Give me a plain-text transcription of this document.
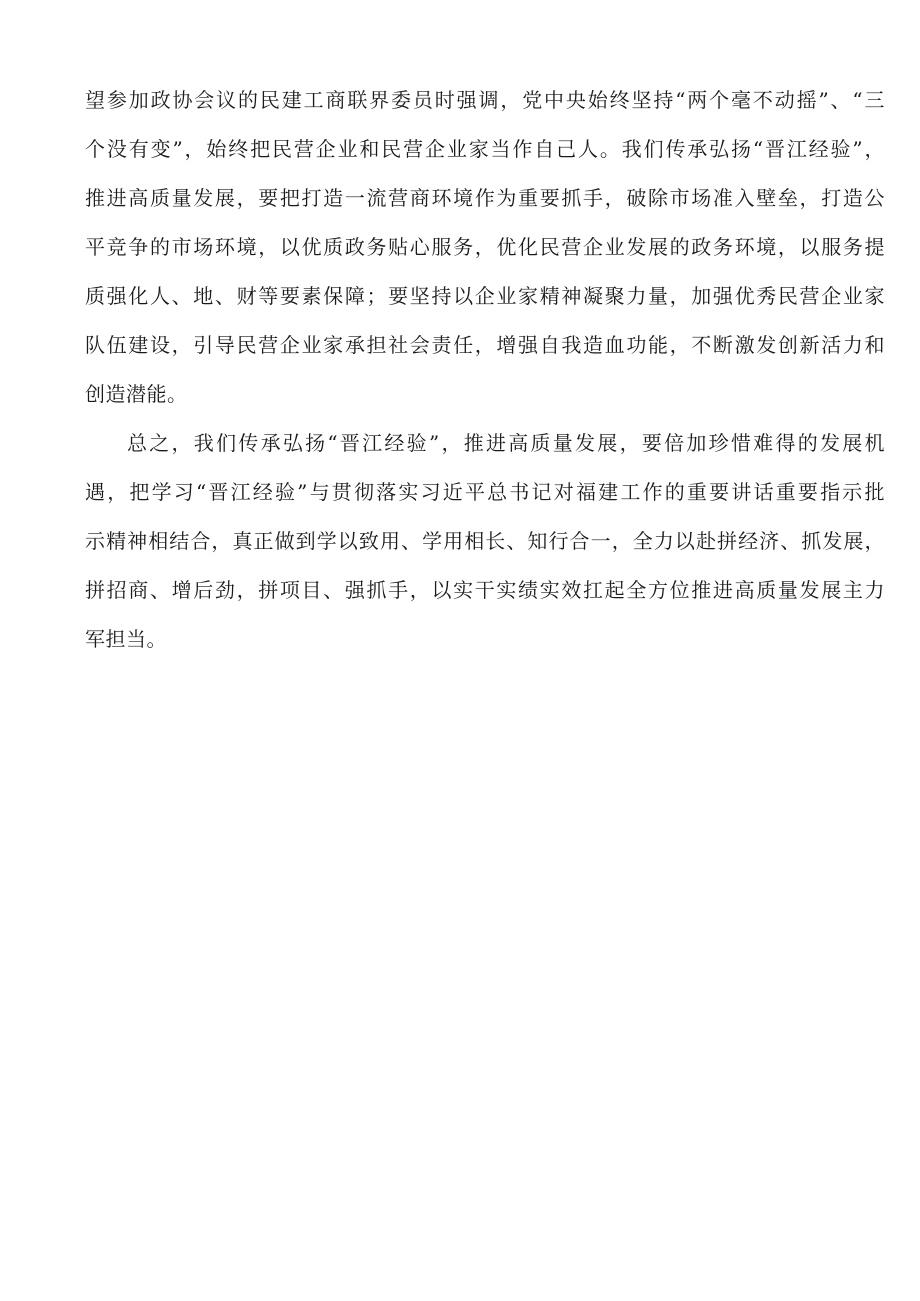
望参加政协会议的民建工商联界委员时强调，党中央始终坚持“两个毫不动摇”、“三
个没有变”，始终把民营企业和民营企业家当作自己人。我们传承弘扬“晋江经验”，
推进高质量发展，要把打造一流营商环境作为重要抓手，破除市场准入壁垒，打造公
平竞争的市场环境，以优质政务贴心服务，优化民营企业发展的政务环境，以服务提
质强化人、地、财等要素保障；要坚持以企业家精神凝聚力量，加强优秀民营企业家
队伍建设，引导民营企业家承担社会责任，增强自我造血功能，不断激发创新活力和
创造潜能。
总之，我们传承弘扬“晋江经验”，推进高质量发展，要倍加珍惜难得的发展机
遇，把学习“晋江经验”与贯彻落实习近平总书记对福建工作的重要讲话重要指示批
示精神相结合，真正做到学以致用、学用相长、知行合一，全力以赴拼经济、抓发展，
拼招商、增后劲，拼项目、强抓手，以实干实绩实效扛起全方位推进高质量发展主力
军担当。
